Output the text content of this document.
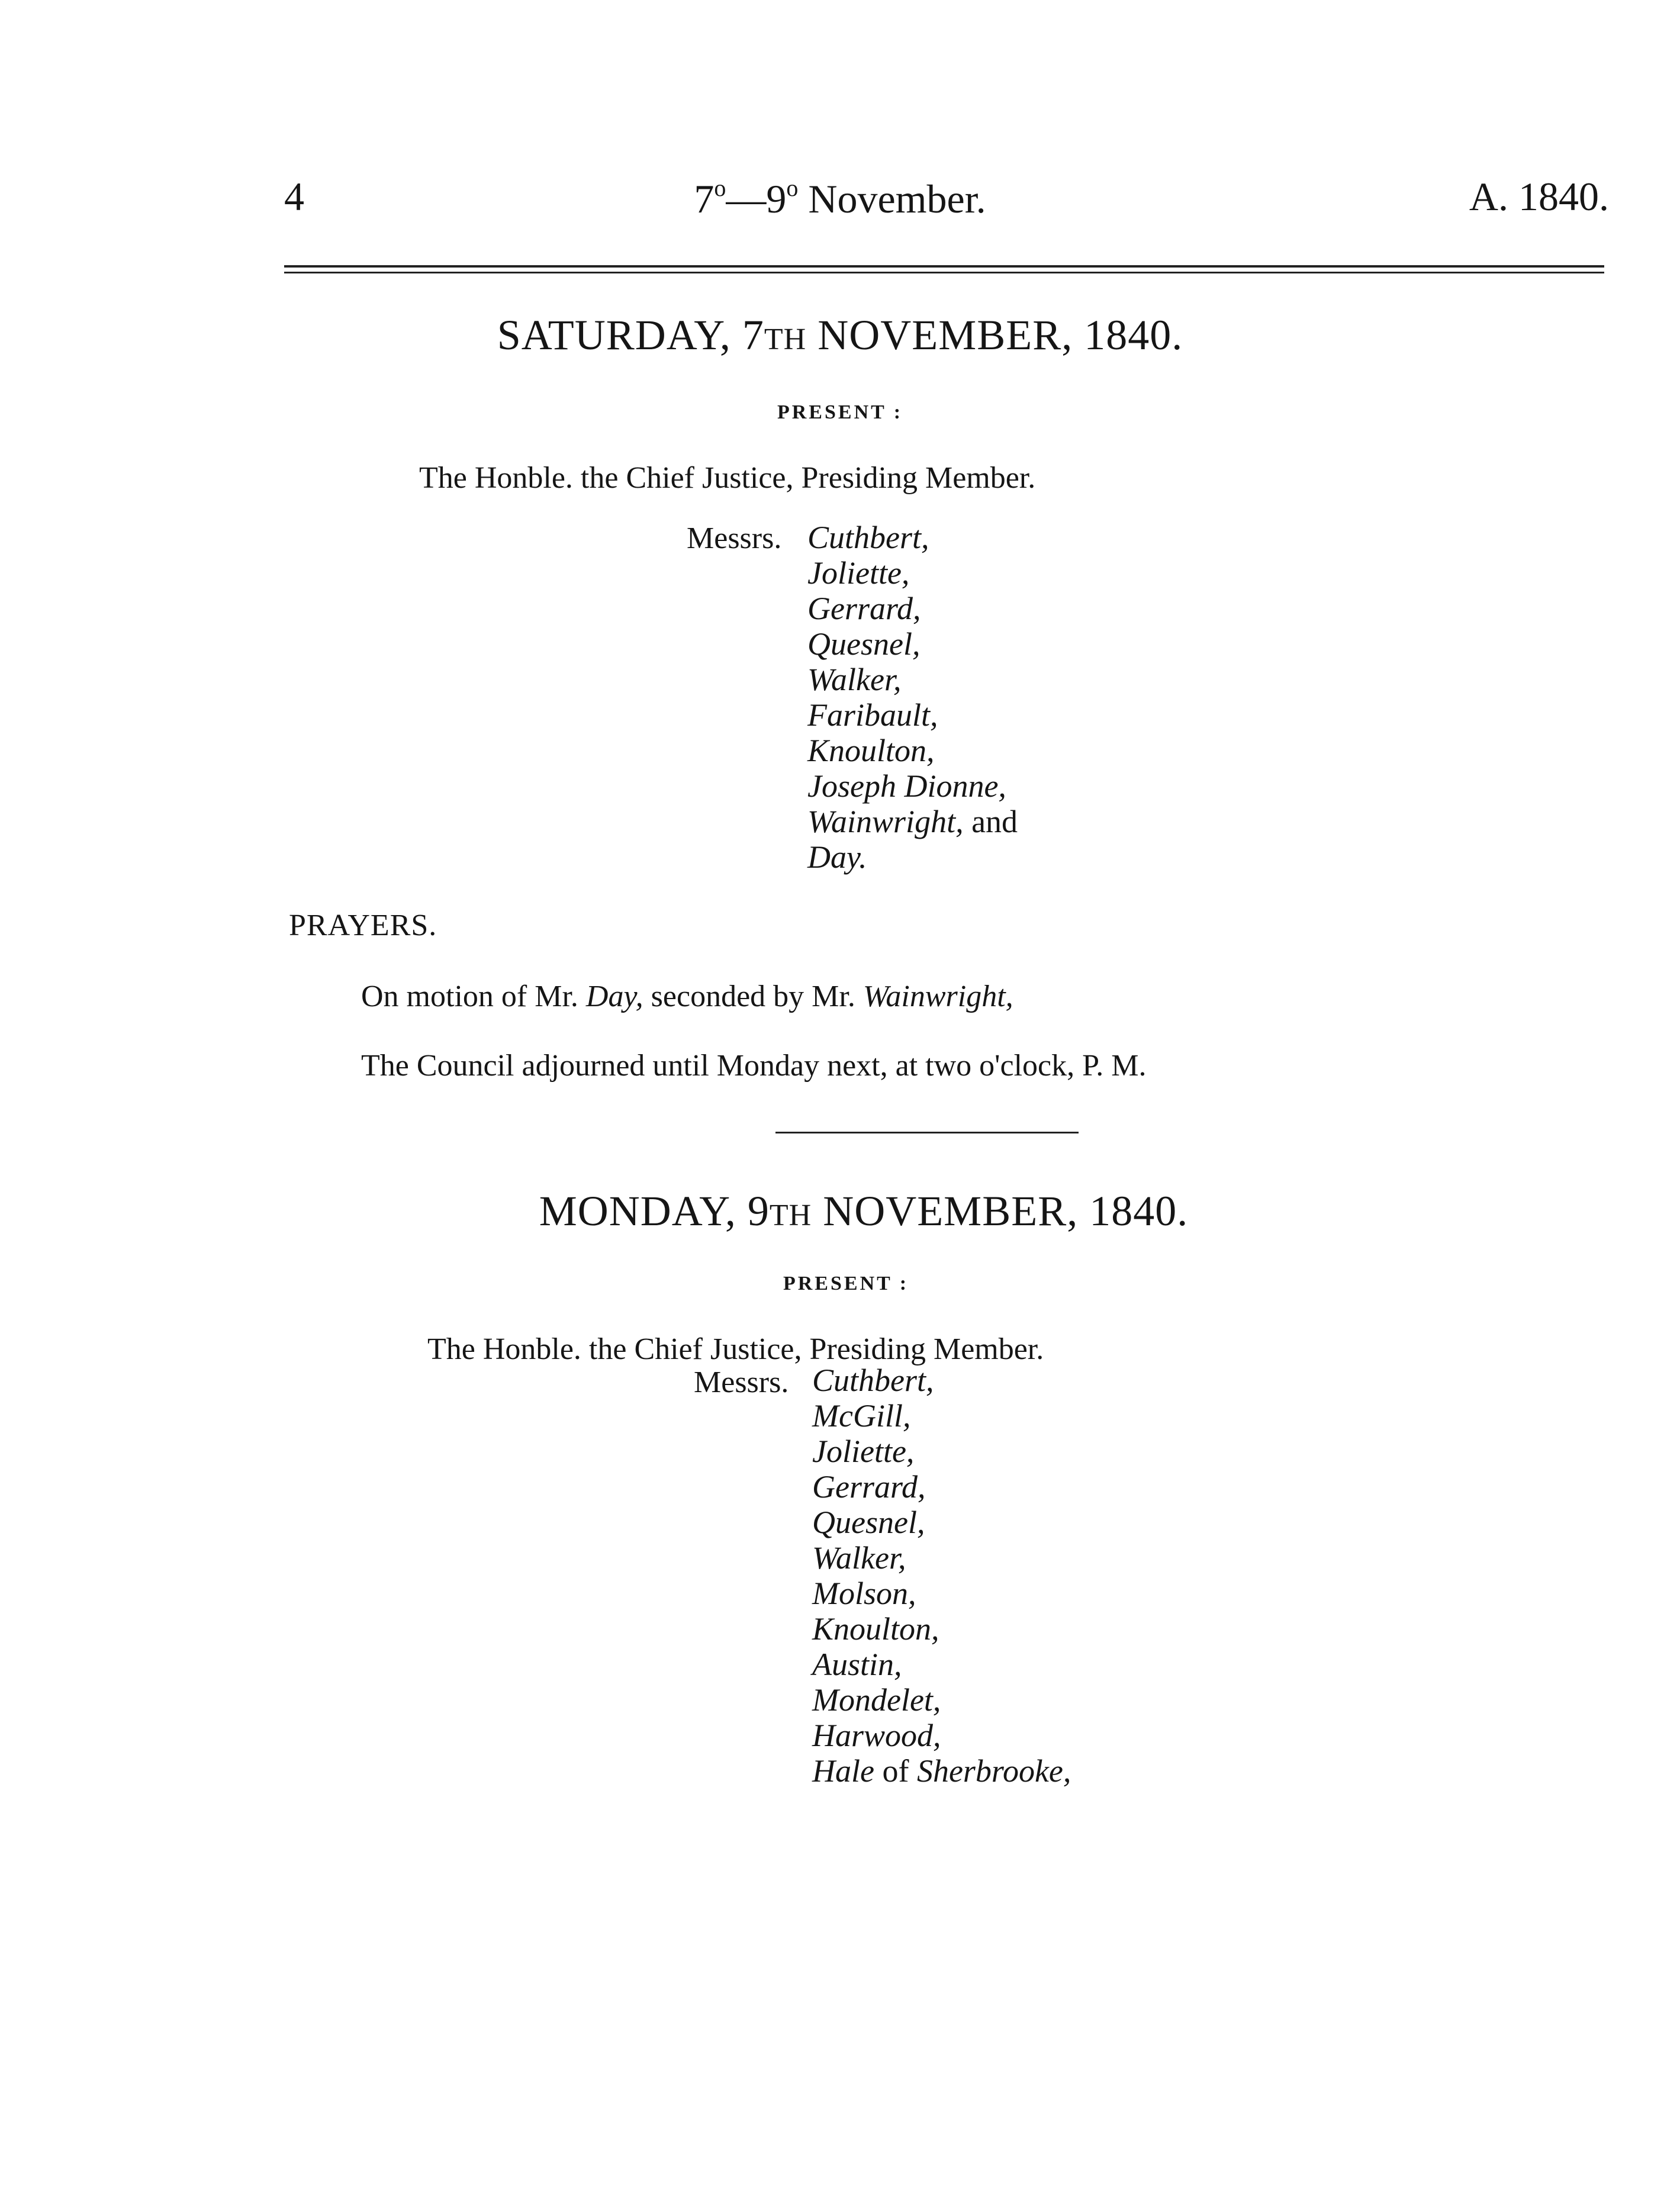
4	7$^o$—9$^o$ November.	A. 1840.
SATURDAY, 7TH NOVEMBER, 1840.
PRESENT :
The Honble. the Chief Justice, Presiding Member.
Messrs. Cuthbert,
Joliette,
Gerrard,
Quesnel,
Walker,
Faribault,
Knoulton,
Joseph Dionne,
Wainwright, and
Day.
PRAYERS.
On motion of Mr. Day, seconded by Mr. Wainwright,
The Council adjourned until Monday next, at two o'clock, P. M.
MONDAY, 9TH NOVEMBER, 1840.
PRESENT :
The Honble. the Chief Justice, Presiding Member.
Messrs. Cuthbert,
McGill,
Joliette,
Gerrard,
Quesnel,
Walker,
Molson,
Knoulton,
Austin,
Mondelet,
Harwood,
Hale of Sherbrooke,
